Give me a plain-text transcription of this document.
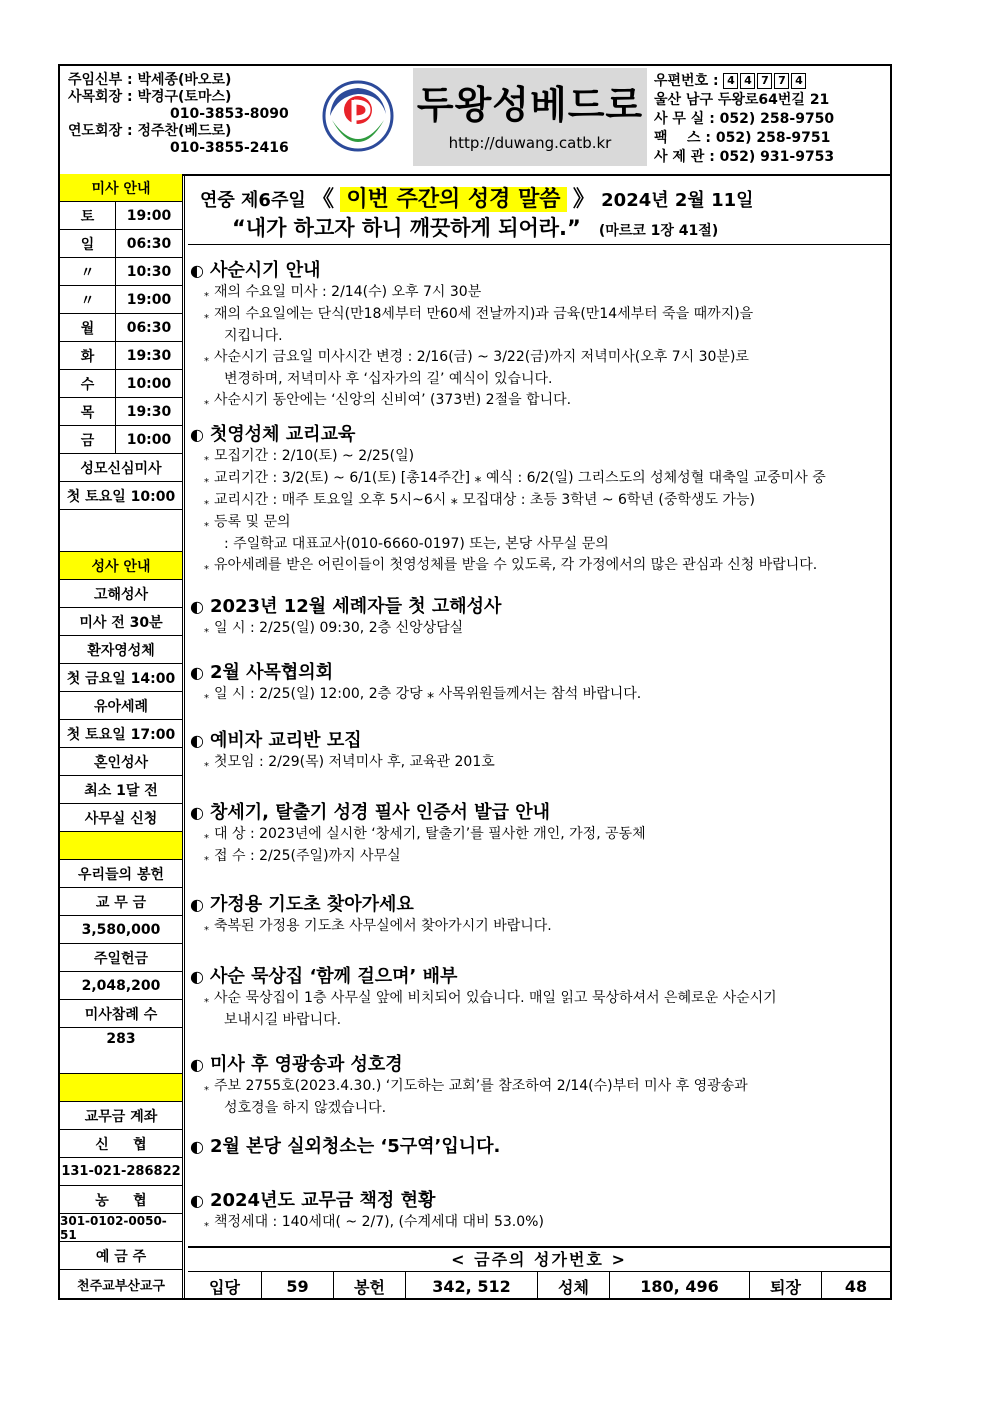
주임신부 : 박세종(바오로)
사목회장 : 박경구(토마스)
010-3853-8090
연도회장 : 정주찬(베드로)
010-3855-2416
두왕성베드로
http://duwang.catb.kr
우편번호 : 4 4 7 7 4
울산 남구 두왕로64번길 21
사 무 실 : 052) 258-9750
팩    스 : 052) 258-9751
사 제 관 : 052) 931-9753
미사 안내
토	19:00
일	06:30
〃	10:30
〃	19:00
월	06:30
화	19:30
수	10:00
목	19:30
금	10:00
성모신심미사
첫 토요일 10:00
성사 안내
고해성사
미사 전 30분
환자영성체
첫 금요일 14:00
유아세례
첫 토요일 17:00
혼인성사
최소 1달 전
사무실 신청
우리들의 봉헌
교 무 금
3,580,000
주일헌금
2,048,200
미사참례 수
283
교무금 계좌
신     협
131-021-286822
농     협
301-0102-0050-51
예 금 주
천주교부산교구
연중 제6주일 《 이번 주간의 성경 말씀 》 2024년 2월 11일
“내가 하고자 하니 깨끗하게 되어라.” (마르코 1장 41절)
◐ 사순시기 안내
⁎ 재의 수요일 미사 : 2/14(수) 오후 7시 30분
⁎ 재의 수요일에는 단식(만18세부터 만60세 전날까지)과 금육(만14세부터 죽을 때까지)을
지킵니다.
⁎ 사순시기 금요일 미사시간 변경 : 2/16(금) ~ 3/22(금)까지 저녁미사(오후 7시 30분)로
변경하며, 저녁미사 후 ‘십자가의 길’ 예식이 있습니다.
⁎ 사순시기 동안에는 ‘신앙의 신비여’ (373번) 2절을 합니다.
◐ 첫영성체 교리교육
⁎ 모집기간 : 2/10(토) ~ 2/25(일)
⁎ 교리기간 : 3/2(토) ~ 6/1(토) [총14주간] ⁎ 예식 : 6/2(일) 그리스도의 성체성혈 대축일 교중미사 중
⁎ 교리시간 : 매주 토요일 오후 5시~6시 ⁎ 모집대상 : 초등 3학년 ~ 6학년 (중학생도 가능)
⁎ 등록 및 문의
: 주일학교 대표교사(010-6660-0197) 또는, 본당 사무실 문의
⁎ 유아세례를 받은 어린이들이 첫영성체를 받을 수 있도록, 각 가정에서의 많은 관심과 신청 바랍니다.
◐ 2023년 12월 세례자들 첫 고해성사
⁎ 일 시 : 2/25(일) 09:30, 2층 신앙상담실
◐ 2월 사목협의회
⁎ 일 시 : 2/25(일) 12:00, 2층 강당 ⁎ 사목위원들께서는 참석 바랍니다.
◐ 예비자 교리반 모집
⁎ 첫모임 : 2/29(목) 저녁미사 후, 교육관 201호
◐ 창세기, 탈출기 성경 필사 인증서 발급 안내
⁎ 대 상 : 2023년에 실시한 ‘창세기, 탈출기’를 필사한 개인, 가정, 공동체
⁎ 접 수 : 2/25(주일)까지 사무실
◐ 가정용 기도초 찾아가세요
⁎ 축복된 가정용 기도초 사무실에서 찾아가시기 바랍니다.
◐ 사순 묵상집 ‘함께 걸으며’ 배부
⁎ 사순 묵상집이 1층 사무실 앞에 비치되어 있습니다. 매일 읽고 묵상하셔서 은혜로운 사순시기
보내시길 바랍니다.
◐ 미사 후 영광송과 성호경
⁎ 주보 2755호(2023.4.30.) ‘기도하는 교회’를 참조하여 2/14(수)부터 미사 후 영광송과
성호경을 하지 않겠습니다.
◐ 2월 본당 실외청소는 ‘5구역’입니다.
◐ 2024년도 교무금 책정 현황
⁎ 책정세대 : 140세대( ~ 2/7), (수계세대 대비 53.0%)
< 금주의 성가번호 >
입당	59	봉헌	342, 512	성체	180, 496	퇴장	48
